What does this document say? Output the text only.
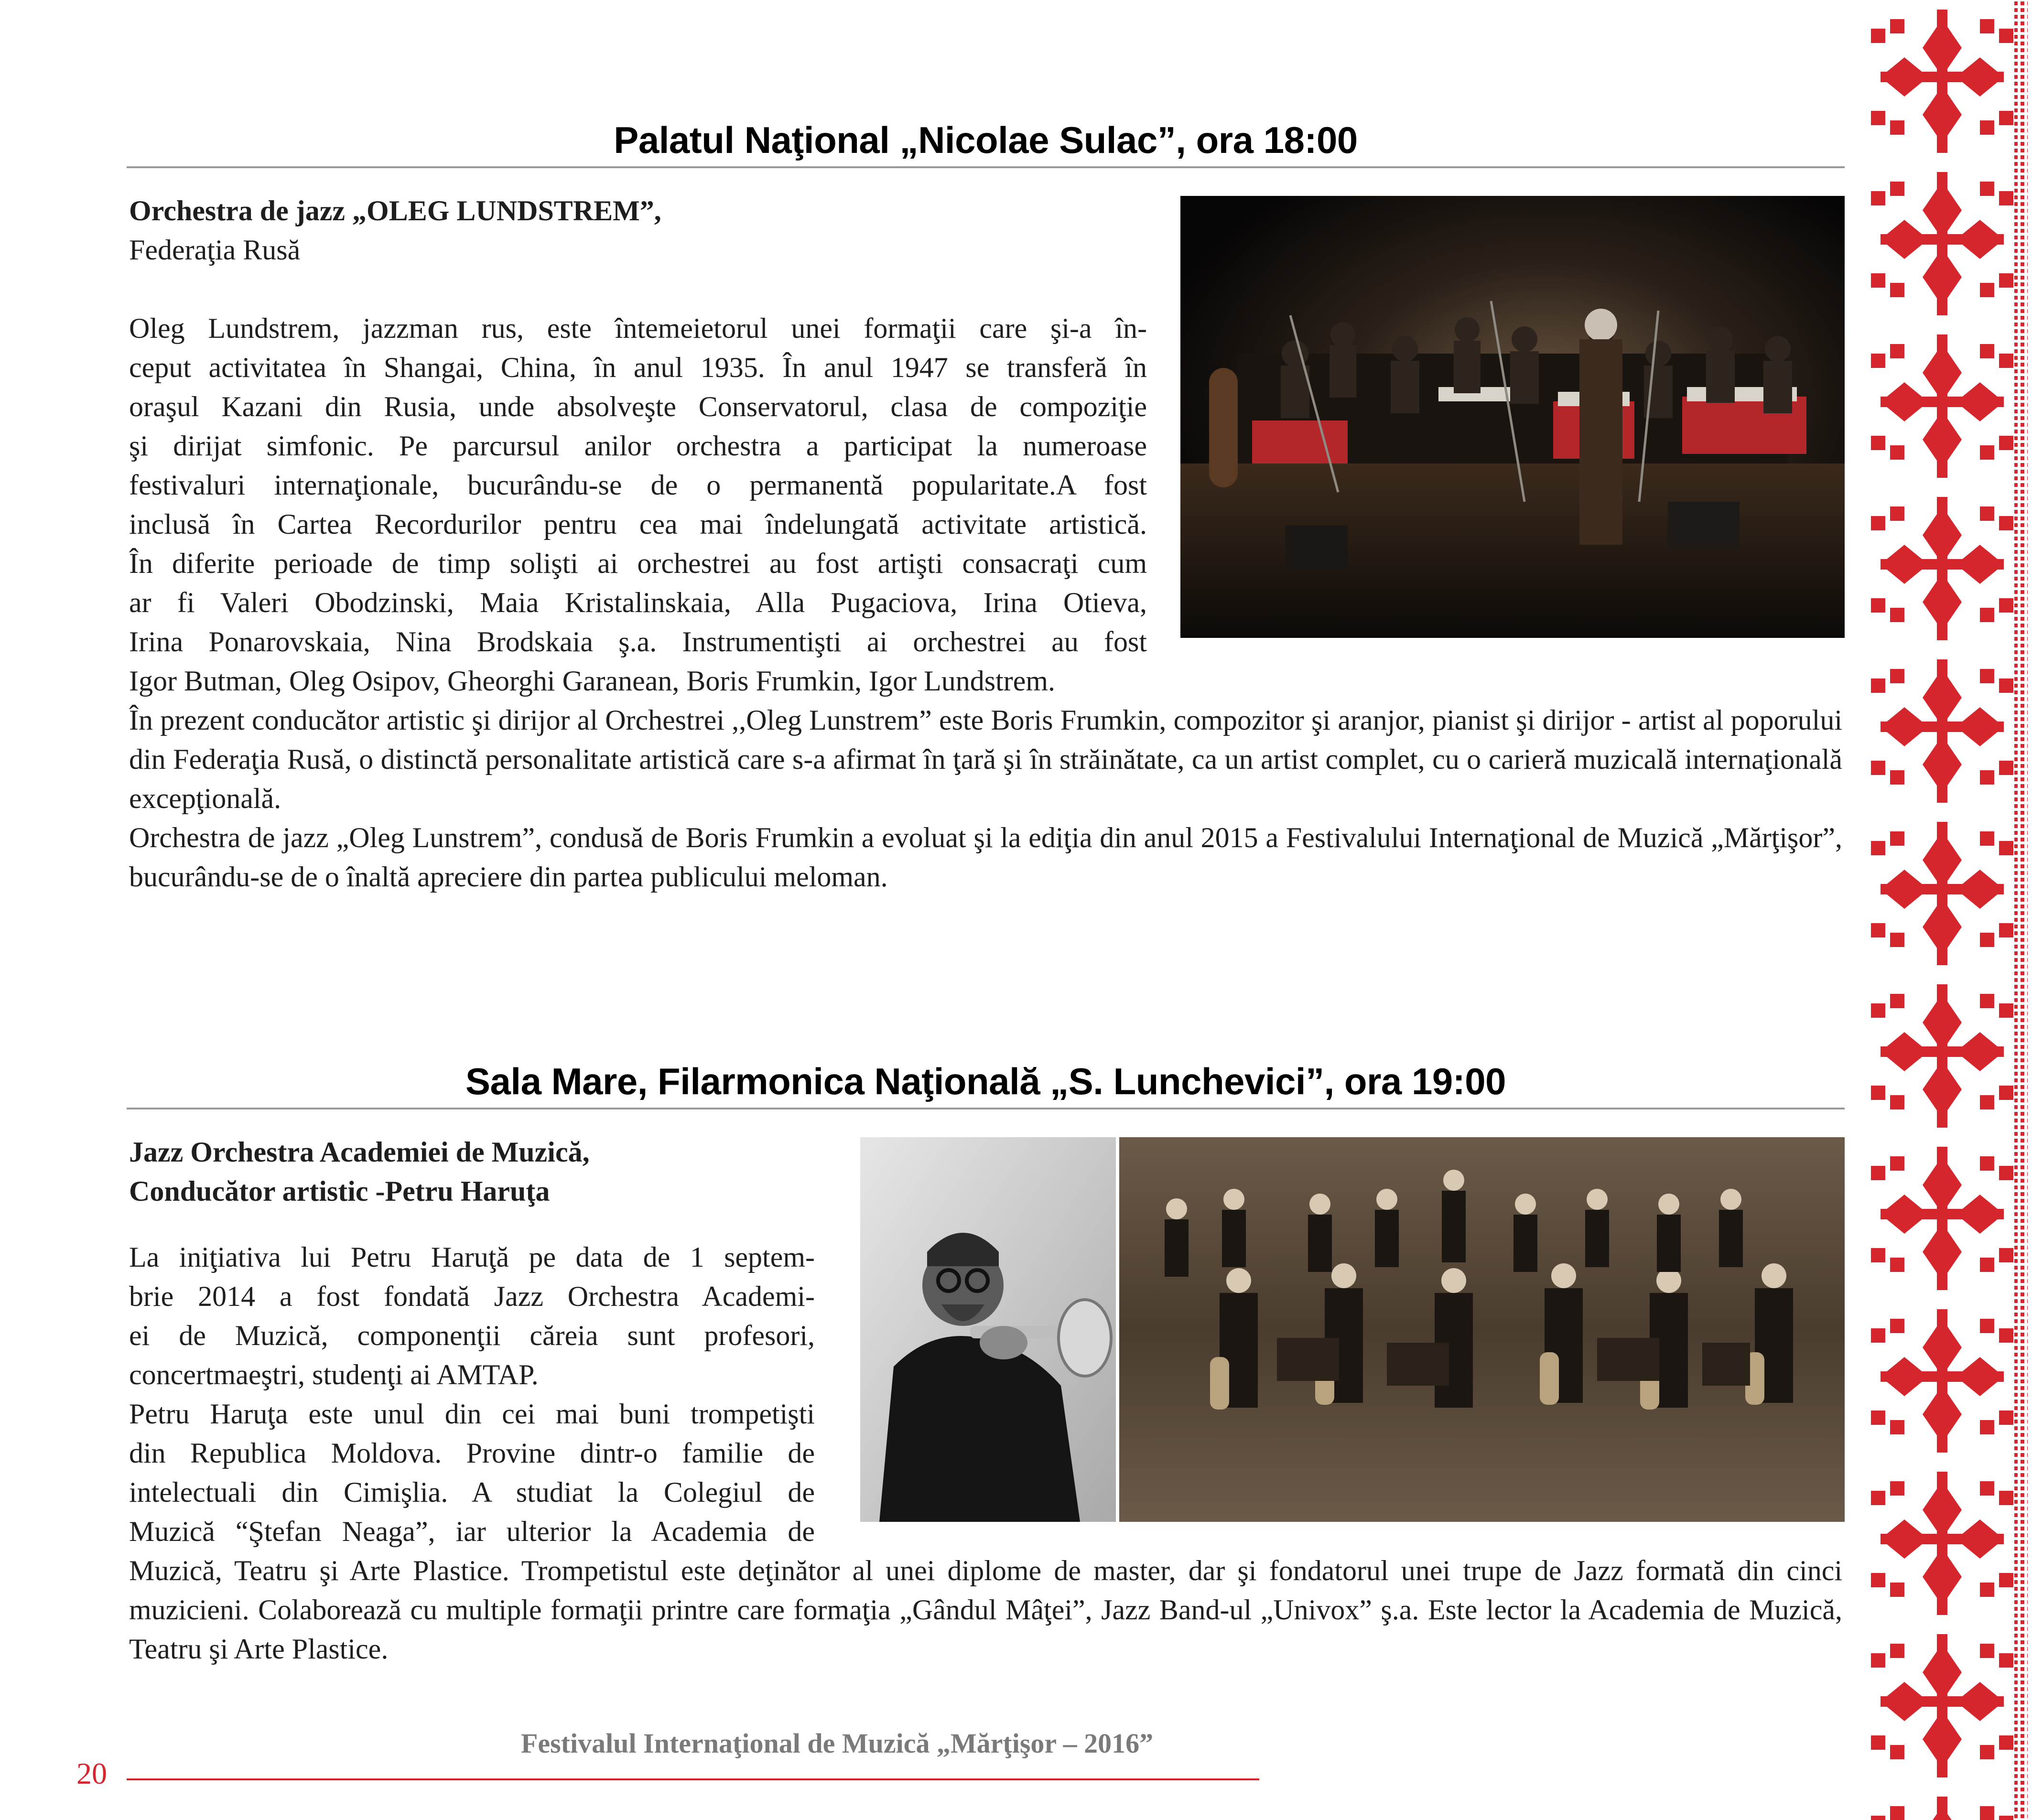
Palatul Naţional „Nicolae Sulac”, ora 18:00

Orchestra de jazz „OLEG LUNDSTREM”,

Federaţia Rusă

Oleg Lundstrem, jazzman rus, este întemeietorul unei formaţii care şi-a în-

ceput activitatea în Shangai, China, în anul 1935. În anul 1947 se transferă în

oraşul Kazani din Rusia, unde absolveşte Conservatorul, clasa de compoziţie

şi dirijat simfonic. Pe parcursul anilor orchestra a participat la numeroase

festivaluri internaţionale, bucurându-se de o permanentă popularitate.A fost

inclusă în Cartea Recordurilor pentru cea mai îndelungată activitate artistică.

În diferite perioade de timp solişti ai orchestrei au fost artişti consacraţi cum

ar fi Valeri Obodzinski, Maia Kristalinskaia, Alla Pugaciova, Irina Otieva,

Irina Ponarovskaia, Nina Brodskaia ş.a. Instrumentişti ai orchestrei au fost

Igor Butman, Oleg Osipov, Gheorghi Garanean, Boris Frumkin, Igor Lundstrem.

În prezent conducător artistic şi dirijor al Orchestrei ,,Oleg Lunstrem” este Boris Frumkin, compozitor şi aranjor, pianist şi dirijor - artist al poporului din Federaţia Rusă, o distinctă personalitate artistică care s-a afirmat în ţară şi în străinătate, ca un artist complet, cu o carieră muzicală internaţională excepţională.

Orchestra de jazz „Oleg Lunstrem”, condusă de Boris Frumkin a evoluat şi la ediţia din anul 2015 a Festivalului Internaţional de Muzică „Mărţişor”, bucurându-se de o înaltă apreciere din partea publicului meloman.

Sala Mare, Filarmonica Naţională „S. Lunchevici”, ora 19:00

Jazz Orchestra Academiei de Muzică,

Conducător artistic -Petru Haruţa

La iniţiativa lui Petru Haruţă pe data de 1 septem-

brie 2014 a fost fondată Jazz Orchestra Academi-

ei de Muzică, componenţii căreia sunt profesori,

concertmaeştri, studenţi ai AMTAP.

Petru Haruţa este unul din cei mai buni trompetişti

din Republica Moldova. Provine dintr-o familie de

intelectuali din Cimişlia. A studiat la Colegiul de

Muzică “Ştefan Neaga”, iar ulterior la Academia de

Muzică, Teatru şi Arte Plastice. Trompetistul este deţinător al unei diplome de master, dar şi fondatorul unei trupe de Jazz formată din cinci muzicieni. Colaborează cu multiple formaţii printre care formaţia „Gândul Mâţei”, Jazz Band-ul „Univox” ş.a. Este lector la Academia de Muzică, Teatru şi Arte Plastice.

Festivalul Internaţional de Muzică „Mărţişor – 2016”
20
